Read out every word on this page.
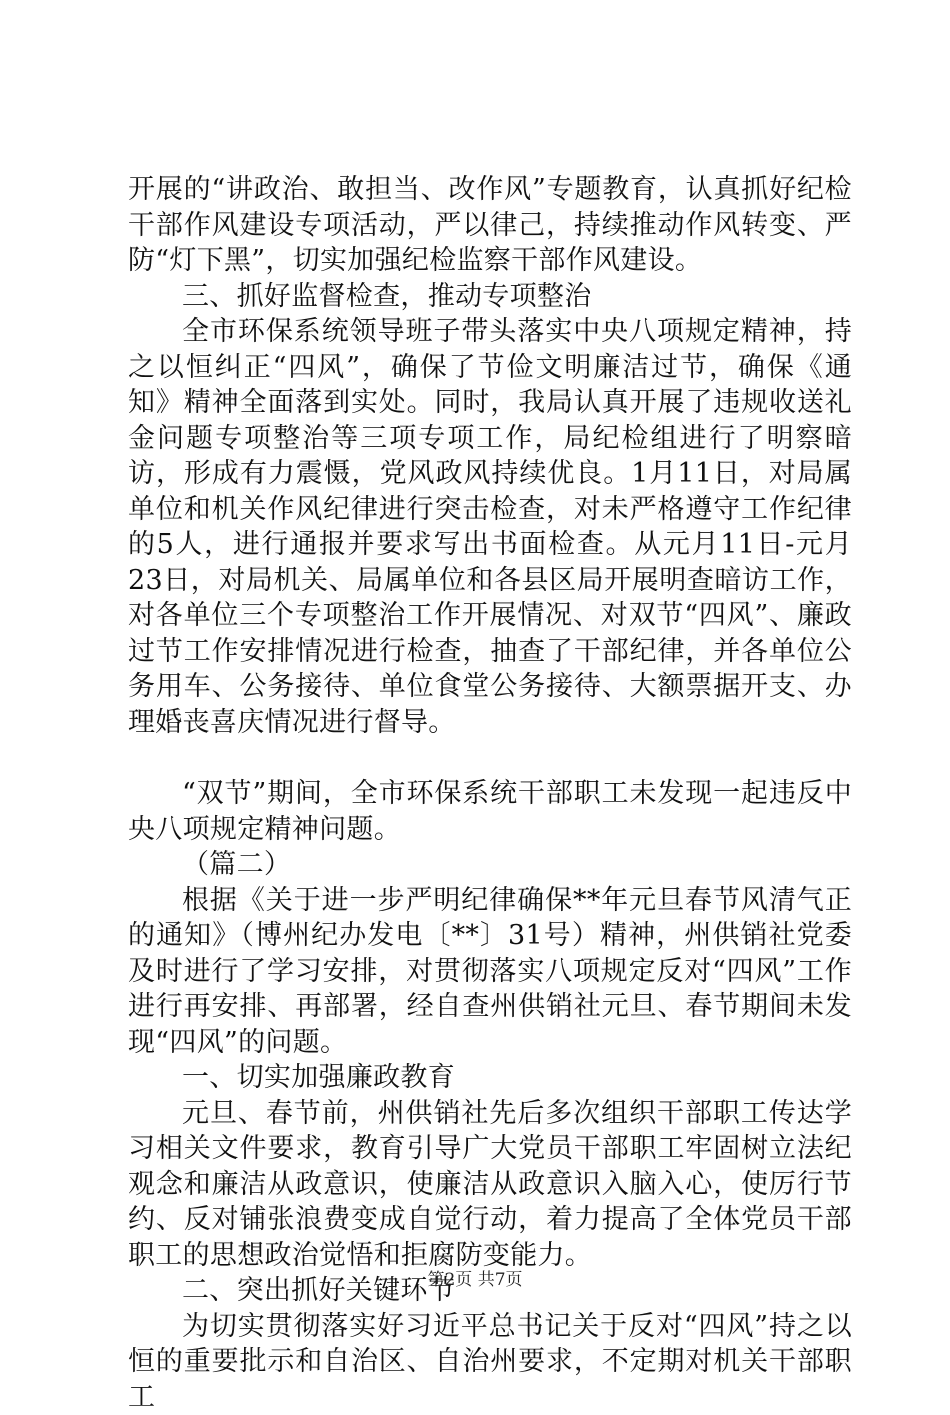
开展的“讲政治、敢担当、改作风”专题教育，认真抓好纪检干部作风建设专项活动，严以律己，持续推动作风转变、严防“灯下黑”，切实加强纪检监察干部作风建设。

三、抓好监督检查，推动专项整治

全市环保系统领导班子带头落实中央八项规定精神，持之以恒纠正“四风”，确保了节俭文明廉洁过节，确保《通知》精神全面落到实处。同时，我局认真开展了违规收送礼金问题专项整治等三项专项工作，局纪检组进行了明察暗访，形成有力震慑，党风政风持续优良。1月11日，对局属单位和机关作风纪律进行突击检查，对未严格遵守工作纪律的5人，进行通报并要求写出书面检查。从元月11日-元月23日，对局机关、局属单位和各县区局开展明查暗访工作，对各单位三个专项整治工作开展情况、对双节“四风”、廉政过节工作安排情况进行检查，抽查了干部纪律，并各单位公务用车、公务接待、单位食堂公务接待、大额票据开支、办理婚丧喜庆情况进行督导。

“双节”期间，全市环保系统干部职工未发现一起违反中央八项规定精神问题。

（篇二）

根据《关于进一步严明纪律确保**年元旦春节风清气正的通知》（博州纪办发电〔**〕31号）精神，州供销社党委及时进行了学习安排，对贯彻落实八项规定反对“四风”工作进行再安排、再部署，经自查州供销社元旦、春节期间未发现“四风”的问题。

一、切实加强廉政教育

元旦、春节前，州供销社先后多次组织干部职工传达学习相关文件要求，教育引导广大党员干部职工牢固树立法纪观念和廉洁从政意识，使廉洁从政意识入脑入心，使厉行节约、反对铺张浪费变成自觉行动，着力提高了全体党员干部职工的思想政治觉悟和拒腐防变能力。

二、突出抓好关键环节

为切实贯彻落实好习近平总书记关于反对“四风”持之以恒的重要批示和自治区、自治州要求，不定期对机关干部职工

第2页 共7页
